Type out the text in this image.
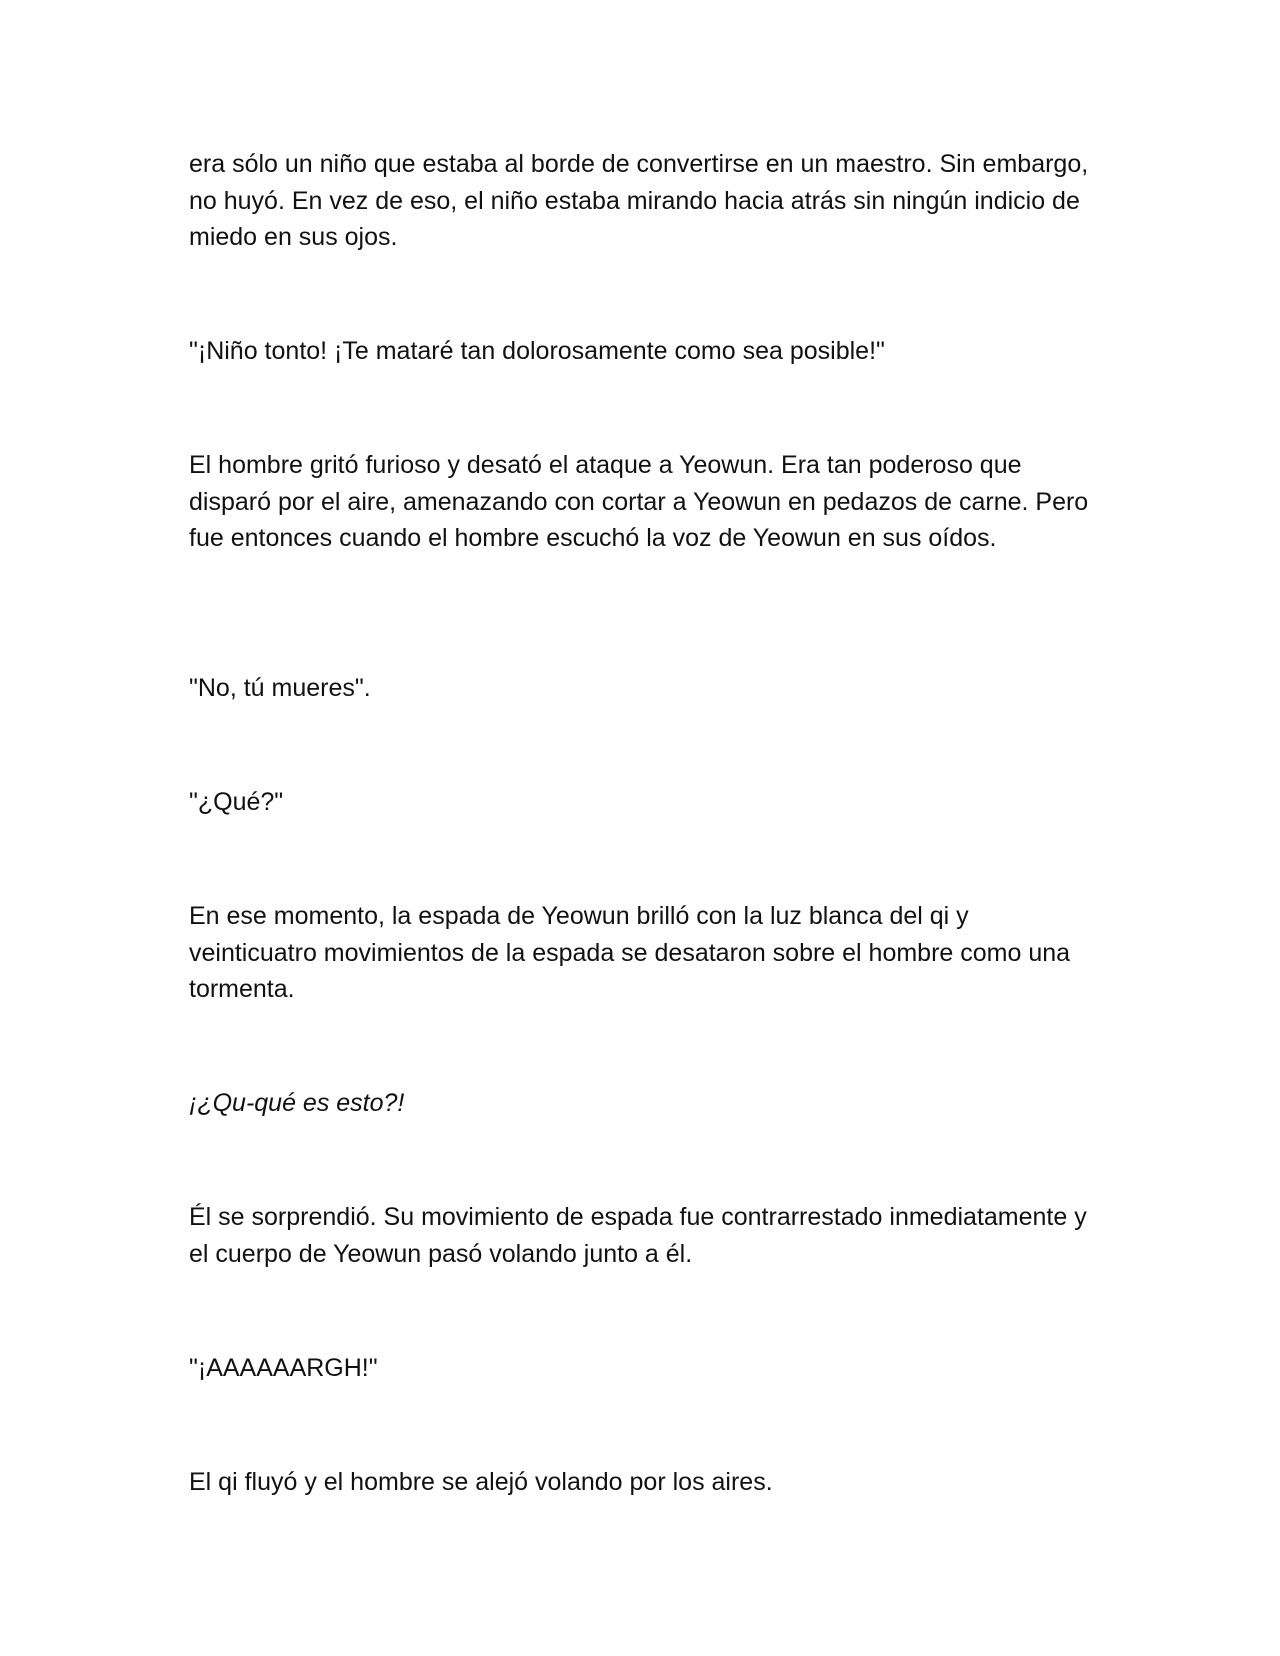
era sólo un niño que estaba al borde de convertirse en un maestro. Sin embargo, no huyó. En vez de eso, el niño estaba mirando hacia atrás sin ningún indicio de miedo en sus ojos.

"¡Niño tonto! ¡Te mataré tan dolorosamente como sea posible!"

El hombre gritó furioso y desató el ataque a Yeowun. Era tan poderoso que disparó por el aire, amenazando con cortar a Yeowun en pedazos de carne. Pero fue entonces cuando el hombre escuchó la voz de Yeowun en sus oídos.

"No, tú mueres".

"¿Qué?"

En ese momento, la espada de Yeowun brilló con la luz blanca del qi y veinticuatro movimientos de la espada se desataron sobre el hombre como una tormenta.

¡¿Qu-qué es esto?!

Él se sorprendió. Su movimiento de espada fue contrarrestado inmediatamente y el cuerpo de Yeowun pasó volando junto a él.

"¡AAAAAARGH!"

El qi fluyó y el hombre se alejó volando por los aires.
